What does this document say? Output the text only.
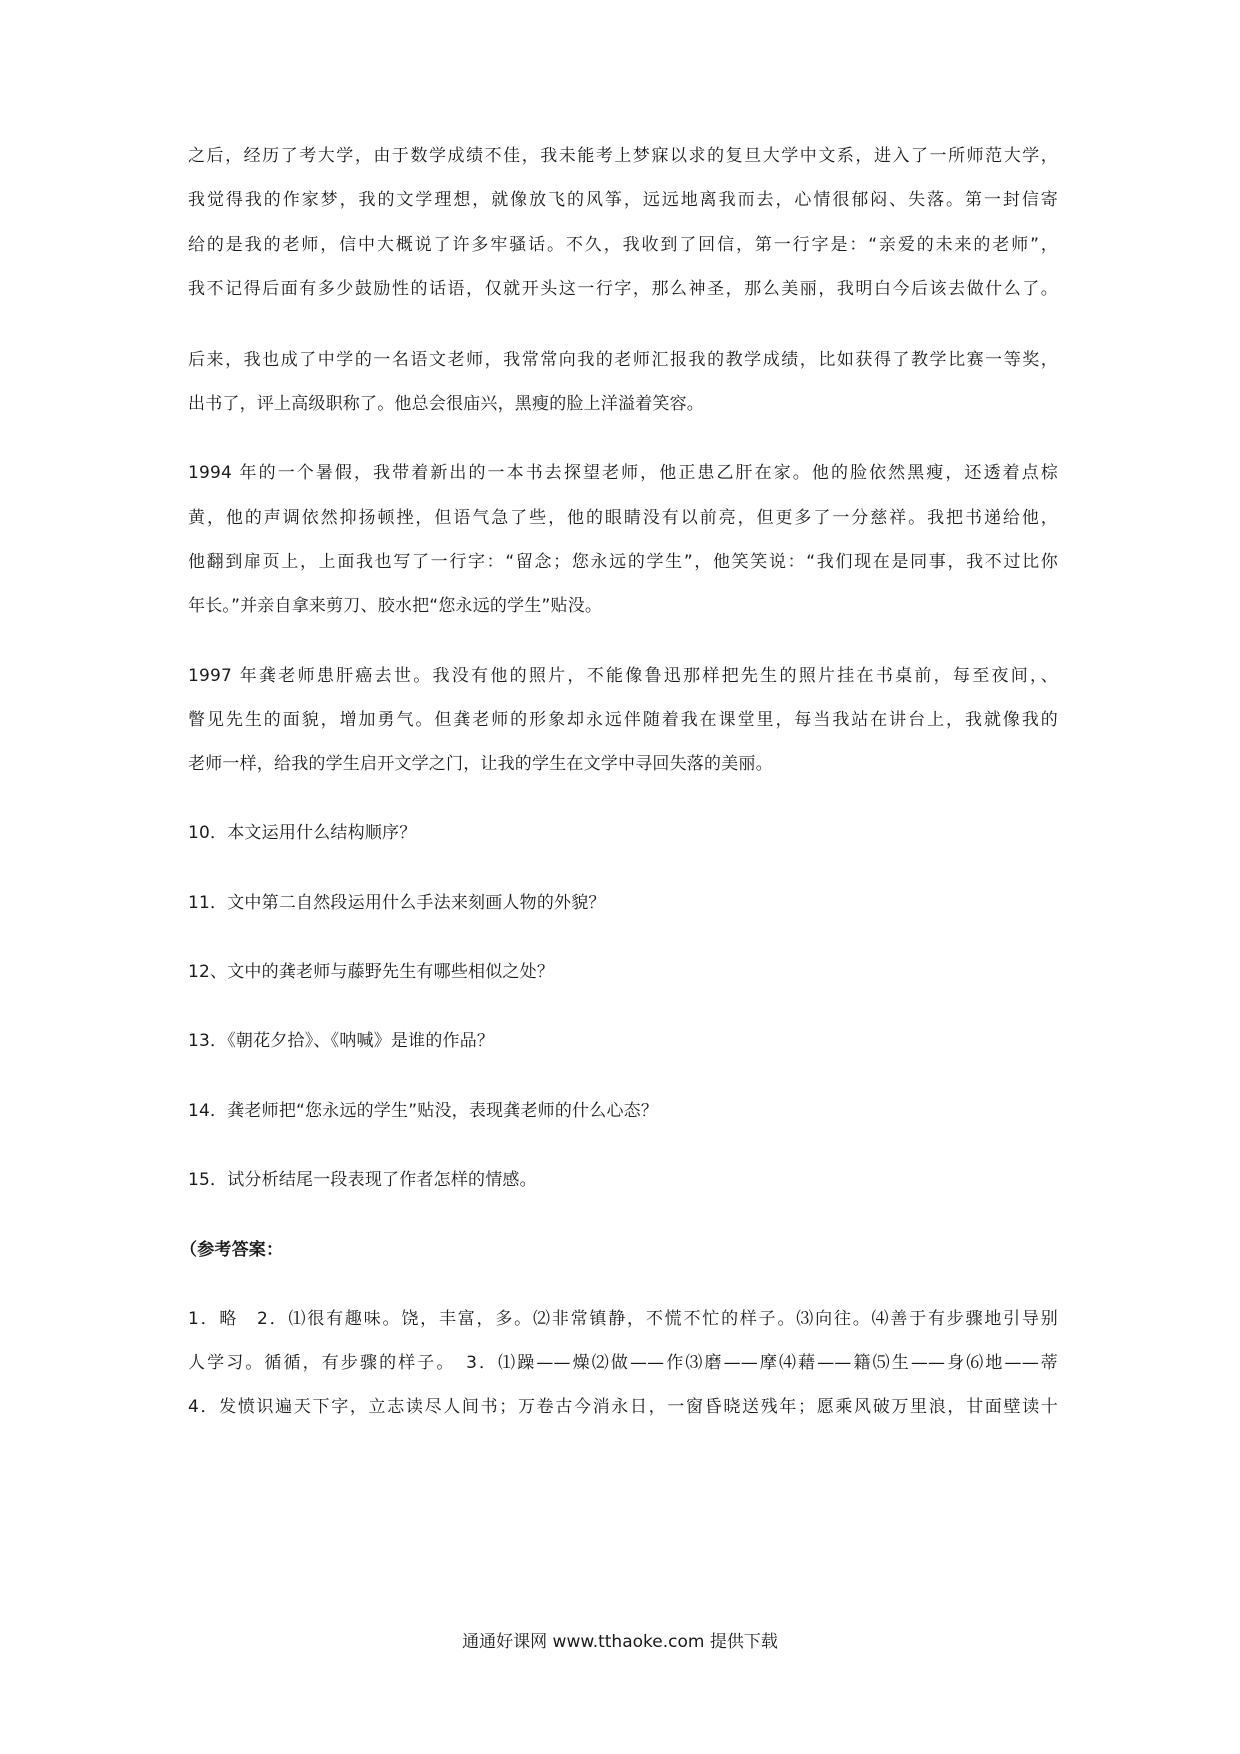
之后，经历了考大学，由于数学成绩不佳，我未能考上梦寐以求的复旦大学中文系，进入了一所师范大学，
我觉得我的作家梦，我的文学理想，就像放飞的风筝，远远地离我而去，心情很郁闷、失落。第一封信寄
给的是我的老师，信中大概说了许多牢骚话。不久，我收到了回信，第一行字是：“亲爱的未来的老师”，
我不记得后面有多少鼓励性的话语，仅就开头这一行字，那么神圣，那么美丽，我明白今后该去做什么了。
后来，我也成了中学的一名语文老师，我常常向我的老师汇报我的教学成绩，比如获得了教学比赛一等奖，
出书了，评上高级职称了。他总会很庙兴，黑瘦的脸上洋溢着笑容。
1994 年的一个暑假，我带着新出的一本书去探望老师，他正患乙肝在家。他的脸依然黑瘦，还透着点棕
黄，他的声调依然抑扬顿挫，但语气急了些，他的眼睛没有以前亮，但更多了一分慈祥。我把书递给他，
他翻到扉页上，上面我也写了一行字：“留念；您永远的学生”，他笑笑说：“我们现在是同事，我不过比你
年长。”并亲自拿来剪刀、胶水把“您永远的学生”贴没。
1997 年龚老师患肝癌去世。我没有他的照片，不能像鲁迅那样把先生的照片挂在书桌前，每至夜间，、
瞥见先生的面貌，增加勇气。但龚老师的形象却永远伴随着我在课堂里，每当我站在讲台上，我就像我的
老师一样，给我的学生启开文学之门，让我的学生在文学中寻回失落的美丽。
10．本文运用什么结构顺序？
11．文中第二自然段运用什么手法来刻画人物的外貌？
12、文中的龚老师与藤野先生有哪些相似之处？
13．《朝花夕拾》、《呐喊》是谁的作品？
14．龚老师把“您永远的学生”贴没，表现龚老师的什么心态？
15．试分析结尾一段表现了作者怎样的情感。
（参考答案：
1．略　2．⑴很有趣味。饶，丰富，多。⑵非常镇静，不慌不忙的样子。⑶向往。⑷善于有步骤地引导别
人学习。循循，有步骤的样子。　3．⑴躁——燥⑵做——作⑶磨——摩⑷藉——籍⑸生——身⑹地——蒂
4．发愤识遍天下字，立志读尽人间书；万卷古今消永日，一窗昏晓送残年；愿乘风破万里浪，甘面壁读十
通通好课网 www.tthaoke.com 提供下载
